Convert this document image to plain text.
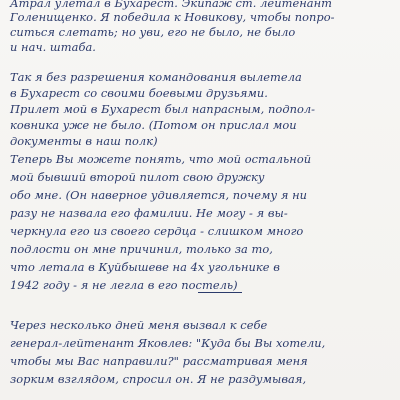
Атрал улетал в Бухарест. Экипаж ст. лейтенант
Голенищенко. Я победила к Новикову, чтобы попро-
ситься слетать; но уви, его не было, не было
и нач. штаба.
Так я без разрешения командования вылетела
в Бухарест со своими боевыми друзьями.
Прилет мой в Бухарест был напрасным, подпол-
ковника уже не было. (Потом он прислал мои
документы в наш полк)
Теперь Вы можете понять, что мой остальной
мой бывший второй пилот свою дружку
обо мне. (Он наверное удивляется, почему я ни
разу не назвала его фамилии. Не могу - я вы-
черкнула его из своего сердца - слишком много
подлости он мне причинил, только за то,
что летала в Куйбышеве на 4х угольнике в
1942 году - я не легла в его постель)
Через несколько дней меня вызвал к себе
генерал-лейтенант Яковлев: "Куда бы Вы хотели,
чтобы мы Вас направили?" рассматривая меня
зорким взглядом, спросил он. Я не раздумывая,
